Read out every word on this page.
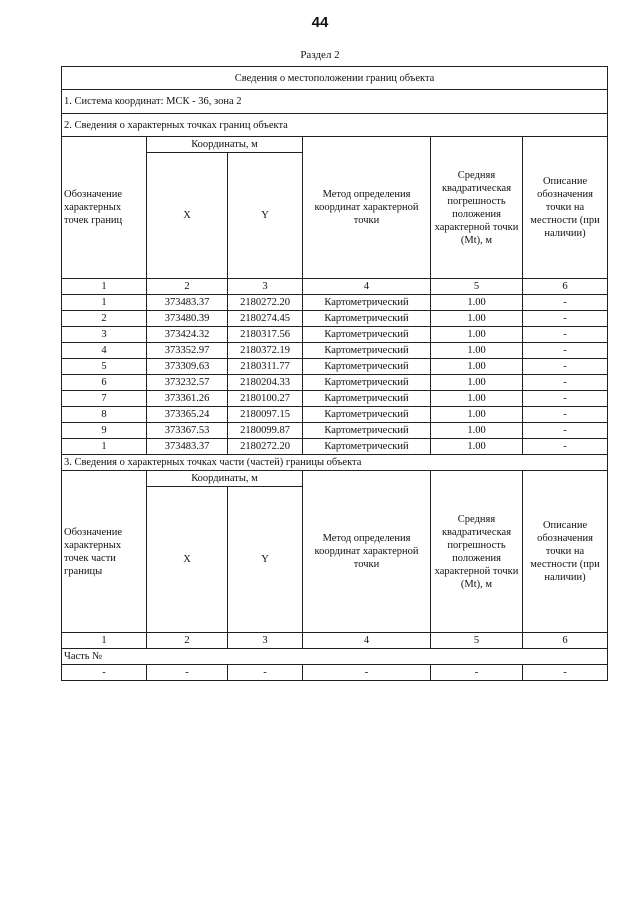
44
Раздел 2
Сведения о местоположении границ объекта					
1. Система координат: МСК - 36, зона 2					
2. Сведения о характерных точках границ объекта					
Обозначение характерных точек границ	Координаты, м		Метод определения координат характерной точки	Средняя квадратическая погрешность положения характерной точки (Mt), м	Описание обозначения точки на местности (при наличии)
	X	Y			
1	2	3	4	5	6
1	373483.37	2180272.20	Картометрический	1.00	-
2	373480.39	2180274.45	Картометрический	1.00	-
3	373424.32	2180317.56	Картометрический	1.00	-
4	373352.97	2180372.19	Картометрический	1.00	-
5	373309.63	2180311.77	Картометрический	1.00	-
6	373232.57	2180204.33	Картометрический	1.00	-
7	373361.26	2180100.27	Картометрический	1.00	-
8	373365.24	2180097.15	Картометрический	1.00	-
9	373367.53	2180099.87	Картометрический	1.00	-
1	373483.37	2180272.20	Картометрический	1.00	-
3. Сведения о характерных точках части (частей) границы объекта					
Обозначение характерных точек части границы	Координаты, м		Метод определения координат характерной точки	Средняя квадратическая погрешность положения характерной точки (Mt), м	Описание обозначения точки на местности (при наличии)
	X	Y			
1	2	3	4	5	6
Часть №					
-	-	-	-	-	-
